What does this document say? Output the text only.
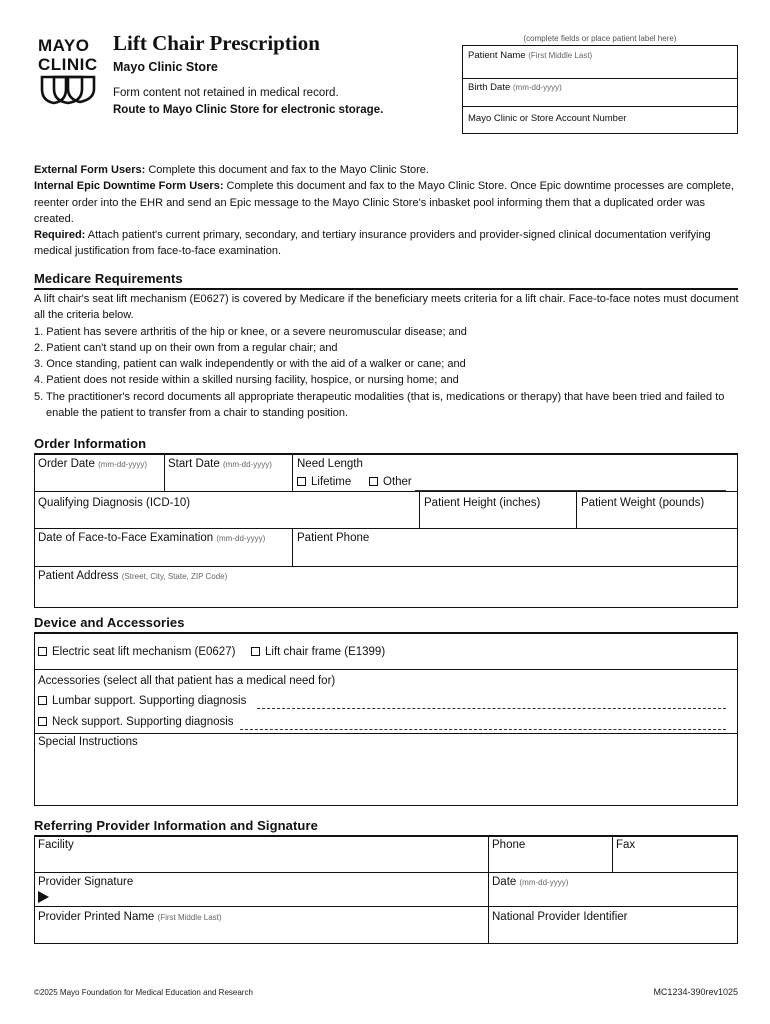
MAYO
CLINIC
Lift Chair Prescription
Mayo Clinic Store
Form content not retained in medical record.
Route to Mayo Clinic Store for electronic storage.
(complete fields or place patient label here)
Patient Name (First Middle Last)
Birth Date (mm-dd-yyyy)
Mayo Clinic or Store Account Number
External Form Users: Complete this document and fax to the Mayo Clinic Store.
Internal Epic Downtime Form Users: Complete this document and fax to the Mayo Clinic Store. Once Epic downtime processes are complete, reenter order into the EHR and send an Epic message to the Mayo Clinic Store's inbasket pool informing them that a duplicated order was created.
Required: Attach patient's current primary, secondary, and tertiary insurance providers and provider-signed clinical documentation verifying medical justification from face-to-face examination.
Medicare Requirements
A lift chair's seat lift mechanism (E0627) is covered by Medicare if the beneficiary meets criteria for a lift chair. Face-to-face notes must document all the criteria below.
1. Patient has severe arthritis of the hip or knee, or a severe neuromuscular disease; and
2. Patient can't stand up on their own from a regular chair; and
3. Once standing, patient can walk independently or with the aid of a walker or cane; and
4. Patient does not reside within a skilled nursing facility, hospice, or nursing home; and
5. The practitioner's record documents all appropriate therapeutic modalities (that is, medications or therapy) that have been tried and failed to enable the patient to transfer from a chair to standing position.
Order Information
Order Date (mm-dd-yyyy) Start Date (mm-dd-yyyy) Need Length
Lifetime	Other
Qualifying Diagnosis (ICD-10)	Patient Height (inches)	Patient Weight (pounds)
Date of Face-to-Face Examination (mm-dd-yyyy)	Patient Phone
Patient Address (Street, City, State, ZIP Code)
Device and Accessories
Electric seat lift mechanism (E0627)	Lift chair frame (E1399)
Accessories (select all that patient has a medical need for)
Lumbar support. Supporting diagnosis
Neck support. Supporting diagnosis
Special Instructions
Referring Provider Information and Signature
Facility	Phone	Fax
Provider Signature	Date (mm-dd-yyyy)
Provider Printed Name (First Middle Last)	National Provider Identifier
©2025 Mayo Foundation for Medical Education and Research	MC1234-390rev1025
